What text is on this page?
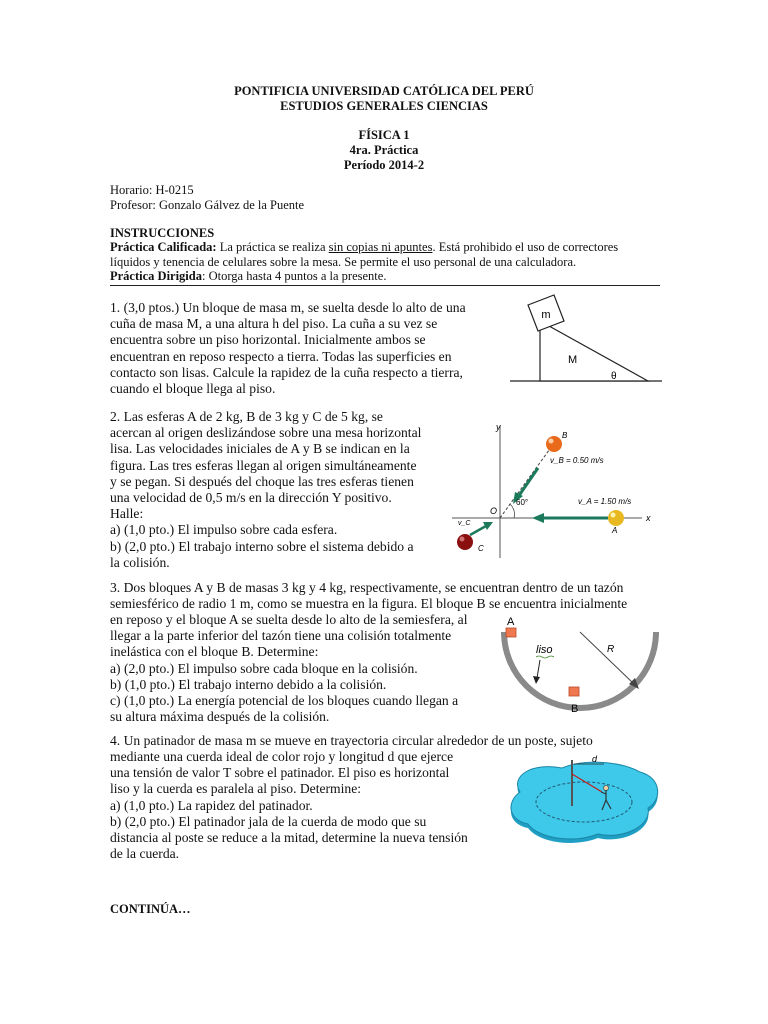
PONTIFICIA UNIVERSIDAD CATÓLICA DEL PERÚ
ESTUDIOS GENERALES CIENCIAS
FÍSICA 1
4ra. Práctica
Período 2014-2
Horario: H-0215
Profesor: Gonzalo Gálvez de la Puente
INSTRUCCIONES
Práctica Calificada: La práctica se realiza sin copias ni apuntes. Está prohibido el uso de correctores
líquidos y tenencia de celulares sobre la mesa. Se permite el uso personal de una calculadora.
Práctica Dirigida: Otorga hasta 4 puntos a la presente.
1. (3,0 ptos.) Un bloque de masa m, se suelta desde lo alto de una
cuña de masa M, a una altura h del piso. La cuña a su vez se
encuentra sobre un piso horizontal. Inicialmente ambos se
encuentran en reposo respecto a tierra. Todas las superficies en
contacto son lisas. Calcule la rapidez de la cuña respecto a tierra,
cuando el bloque llega al piso.
m
M
θ
2. Las esferas A de 2 kg, B de 3 kg y C de 5 kg, se
acercan al origen deslizándose sobre una mesa horizontal
lisa. Las velocidades iniciales de A y B se indican en la
figura. Las tres esferas llegan al origen simultáneamente
y se pegan. Si después del choque las tres esferas tienen
una velocidad de 0,5 m/s en la dirección Y positivo.
Halle:
a) (1,0 pto.) El impulso sobre cada esfera.
b) (2,0 pto.) El trabajo interno sobre el sistema debido a
la colisión.
y
x
O
60°
B
v_B = 0.50 m/s
A
v_A = 1.50 m/s
v_C
C
3. Dos bloques A y B de masas 3 kg y 4 kg, respectivamente, se encuentran dentro de un tazón
semiesférico de radio 1 m, como se muestra en la figura. El bloque B se encuentra inicialmente
en reposo y el bloque A se suelta desde lo alto de la semiesfera, al
llegar a la parte inferior del tazón tiene una colisión totalmente
inelástica con el bloque B. Determine:
a) (2,0 pto.) El impulso sobre cada bloque en la colisión.
b) (1,0 pto.) El trabajo interno debido a la colisión.
c) (1,0 pto.) La energía potencial de los bloques cuando llegan a
su altura máxima después de la colisión.
A
B
R
liso
4. Un patinador de masa m se mueve en trayectoria circular alrededor de un poste, sujeto
mediante una cuerda ideal de color rojo y longitud d que ejerce
una tensión de valor T sobre el patinador. El piso es horizontal
liso y la cuerda es paralela al piso. Determine:
a) (1,0 pto.) La rapidez del patinador.
b) (2,0 pto.) El patinador jala de la cuerda de modo que su
distancia al poste se reduce a la mitad, determine la nueva tensión
de la cuerda.
d
CONTINÚA…
